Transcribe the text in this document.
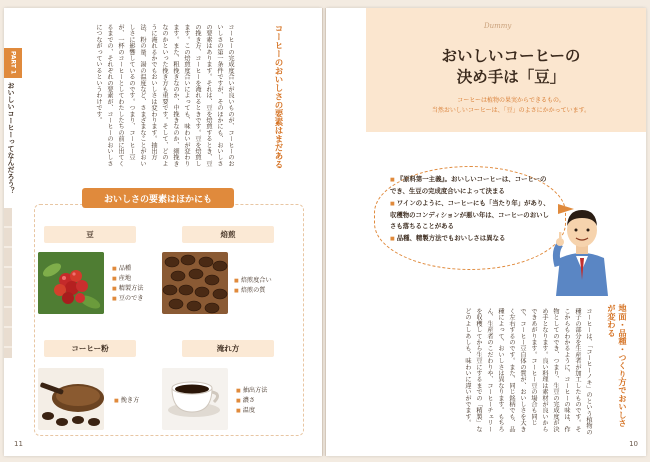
PART 1
おいしいコーヒーってなんだろう？	コーヒーのおいしさの要素はまだある
コーヒーの完成度合いが良いものが、コーヒーのおいしさの第一条件ですが、そのほかにも、おいしさの要素はあります。それは、豆を焙煎するとき、豆の挽き方、コーヒーを淹れるときです。豆を焙煎します。この焙煎度合いによっても、味わいが変わります。また、粗挽きなのか、中挽きなのか、細挽きなのかといった挽き方も重要です。そして、どのように淹れるかでもおいしさは変わります。抽出方法、粉の量、湯の温度など、さまざまなことがおいしさに影響しているのです。つまり、コーヒー豆が、一杯のコーヒーとしてわたしたちの前に出てくるまでの、それぞれの要素が、コーヒーのおいしさにつながっているというわけです。
おいしさの要素はほかにも
豆
■ 品種
■ 産地
■ 精製方法
■ 豆のでき
焙煎
■ 焙煎度合い
■ 焙煎の質
コーヒー粉
■ 挽き方
淹れ方
■ 抽出方法
■ 濃さ
■ 温度
11
Dummy
おいしいコーヒーの
決め手は「豆」
コーヒーは植物の果実からできるもの。
当然おいしいコーヒーは、「豆」のよさにかかっています。
■ 『原料第一主義』。おいしいコーヒーは、コーヒーのでき、生豆の完成度合いによって決まる
■ ワインのように、コーヒーにも「当たり年」があり、収穫物のコンディションが悪い年は、コーヒーのおいしさも落ちることがある
■ 品種、精製方法でもおいしさは異なる
地面・品種・つくり方でおいしさが変わる
コーヒーは、「コーヒーノキ」のという植物の種子の部分を生産者が加工したものです。そこからもわかるように、コーヒーの味は、作物としてのでき、つまり、生豆の完成度が決め手となります。良い料理は素材が良いからできあがります。コーヒー豆の場合も同じで、コーヒー豆自体の質が、おいしさを大きく左右するのです。また、同じ銘柄でも、品種によって、おいしさは異なります。もちろん、生産者のこだわりや、コーヒーチェリーを収穫してから生豆にするまでの「精製」などのよしあしも、味わいに違いがでます。
10
